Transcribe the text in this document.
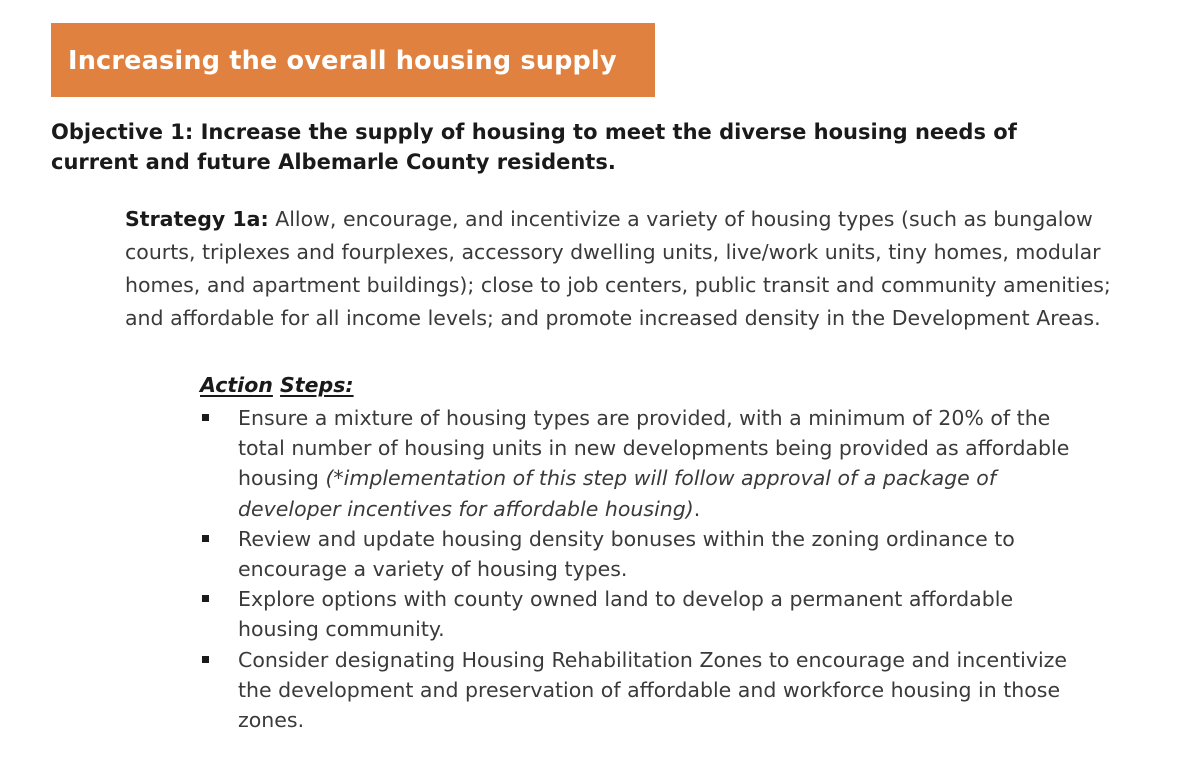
Increasing the overall housing supply

Objective 1: Increase the supply of housing to meet the diverse housing needs of current and future Albemarle County residents.

Strategy 1a: Allow, encourage, and incentivize a variety of housing types (such as bungalow courts, triplexes and fourplexes, accessory dwelling units, live/work units, tiny homes, modular homes, and apartment buildings); close to job centers, public transit and community amenities; and affordable for all income levels; and promote increased density in the Development Areas.

Action Steps:

Ensure a mixture of housing types are provided, with a minimum of 20% of the total number of housing units in new developments being provided as affordable housing (*implementation of this step will follow approval of a package of developer incentives for affordable housing).
Review and update housing density bonuses within the zoning ordinance to encourage a variety of housing types.
Explore options with county owned land to develop a permanent affordable housing community.
Consider designating Housing Rehabilitation Zones to encourage and incentivize the development and preservation of affordable and workforce housing in those zones.
